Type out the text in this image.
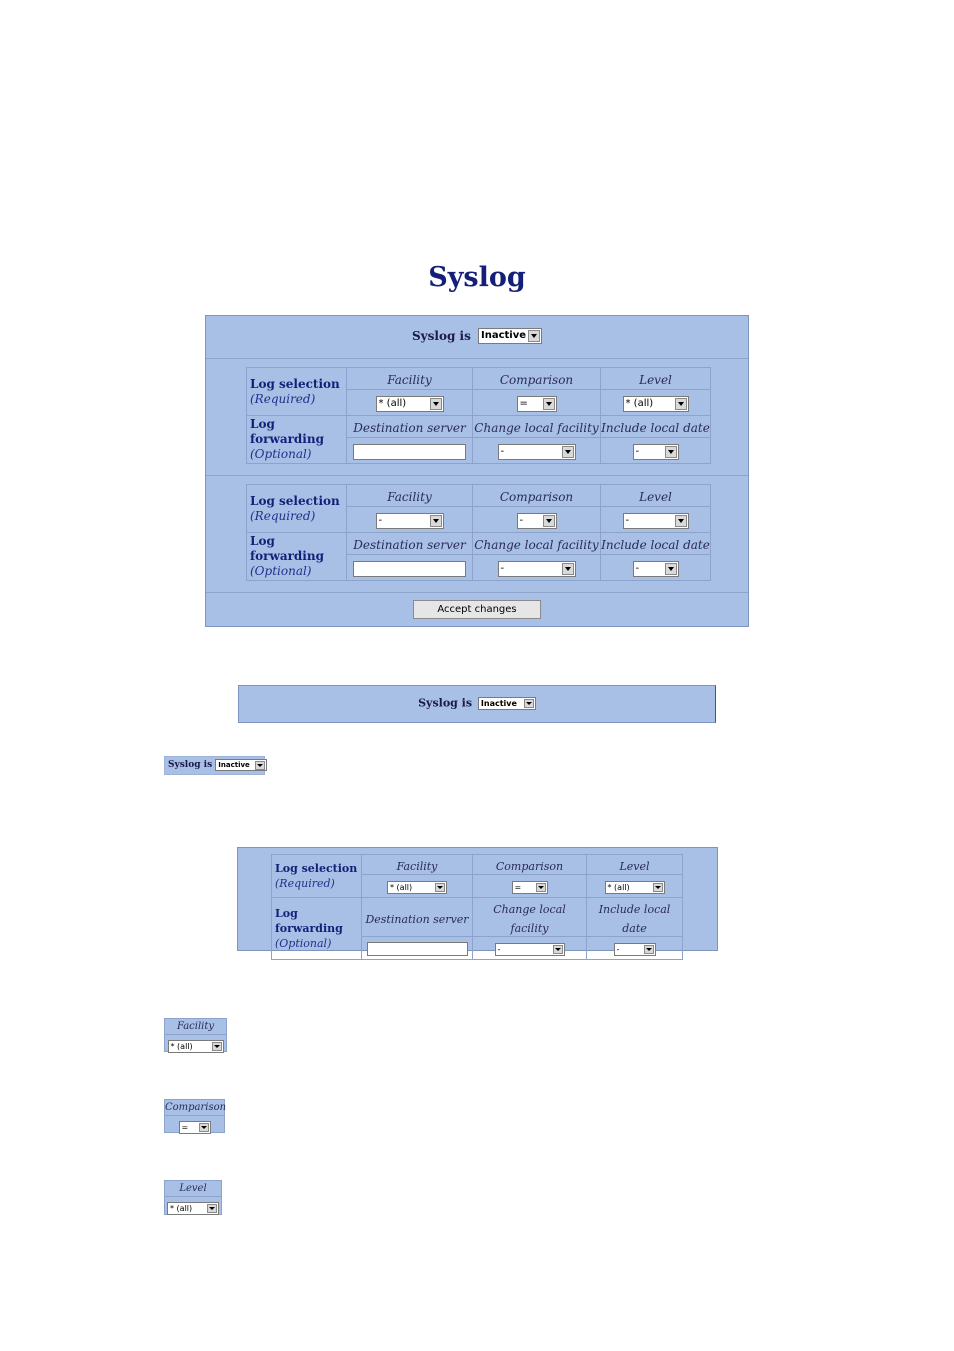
Syslog
Syslog is Inactive
Log selection
(Required)	Facility	Comparison	Level
	* (all)	=	* (all)

Log forwarding
(Optional)	Destination server	Change local facility	Include local date
		-	-
Log selection
(Required)	Facility	Comparison	Level
	-	-	-

Log forwarding
(Optional)	Destination server	Change local facility	Include local date
		-	-
Accept changes
Syslog is Inactive
Syslog is Inactive
Log selection
(Required)	Facility	Comparison	Level
	* (all)	=	* (all)

Log forwarding
(Optional)	Destination server	Change local facility	Include local date
		-	-
Facility
* (all)
Comparison
=
Level
* (all)
